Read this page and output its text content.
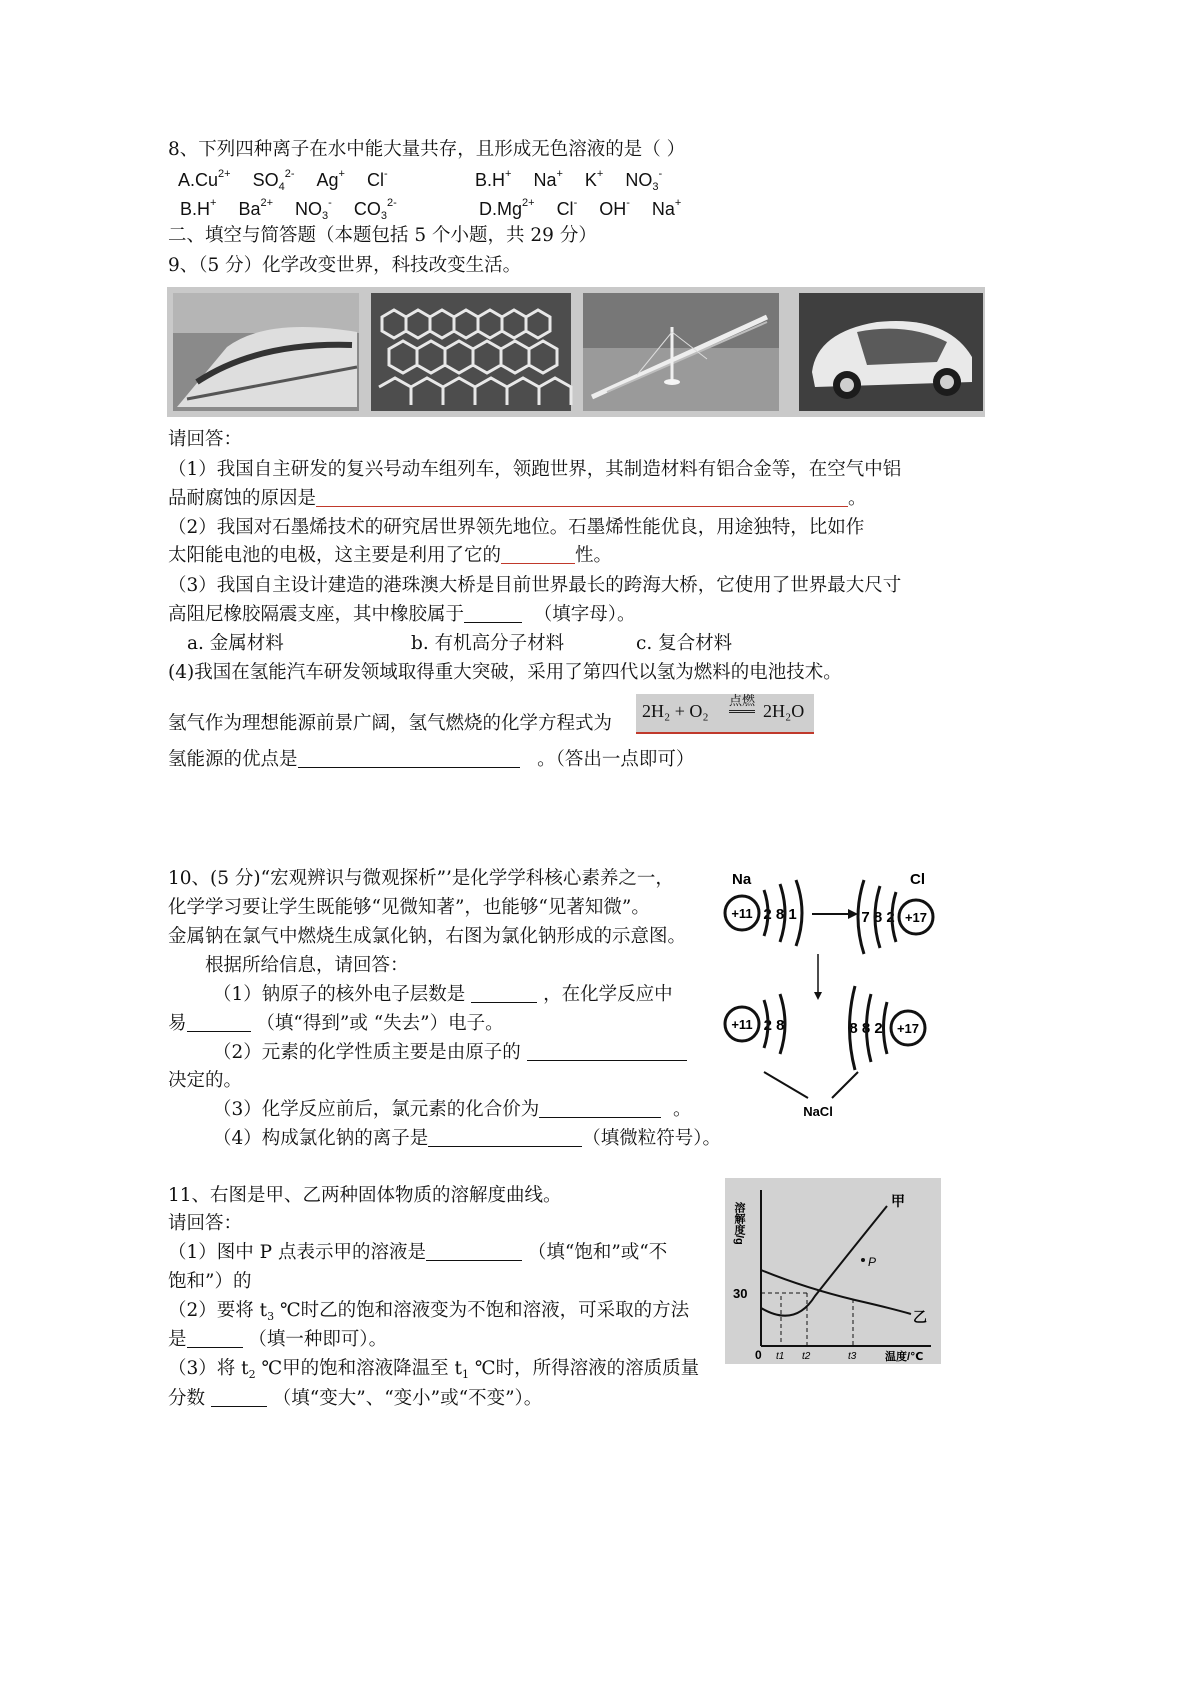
8、下列四种离子在水中能大量共存，且形成无色溶液的是（ ）
$A.Cu^{2+}$ $SO_4^{2-}$ Ag+ Cl-	B.H+ Na+ K+ $NO_3^-$
B.H+ $Ba^{2+}$ $NO_3^-$ $CO_3^{2-}$	$D.Mg^{2+}$ Cl- OH- Na+
二、填空与简答题（本题包括 5 个小题，共 29 分）
9、（5 分）化学改变世界，科技改变生活。
请回答：
（1）我国自主研发的复兴号动车组列车，领跑世界，其制造材料有铝合金等，在空气中铝
品耐腐蚀的原因是	。
（2）我国对石墨烯技术的研究居世界领先地位。石墨烯性能优良，用途独特，比如作
太阳能电池的电极，这主要是利用了它的	性。
（3）我国自主设计建造的港珠澳大桥是目前世界最长的跨海大桥，它使用了世界最大尺寸
高阻尼橡胶隔震支座，其中橡胶属于	（填字母）。
a. 金属材料	b. 有机高分子材料	c. 复合材料
(4)我国在氢能汽车研发领域取得重大突破，采用了第四代以氢为燃料的电池技术。
氢气作为理想能源前景广阔，氢气燃烧的化学方程式为
2H₂ + O₂ 点燃 2H₂O
氢能源的优点是	。（答出一点即可）
10、(5 分)“宏观辨识与微观探析”’是化学学科核心素养之一，
化学学习要让学生既能够“见微知著”，也能够“见著知微”。
金属钠在氯气中燃烧生成氯化钠，右图为氯化钠形成的示意图。
根据所给信息，请回答：
（1）钠原子的核外电子层数是	，在化学反应中
易	（填“得到”或 “失去”）电子。
（2）元素的化学性质主要是由原子的
决定的。
（3）化学反应前后，氯元素的化合价为	。
（4）构成氯化钠的离子是	（填微粒符号）。
Na	Cl
+11 2 8 1	+17
7 8 2
+11 2 8	+17
8 8 2
NaCl
11、右图是甲、乙两种固体物质的溶解度曲线。
请回答：
（1）图中 P 点表示甲的溶液是	（填“饱和”或“不
饱和”）的
（2）要将 $t_3$ ℃时乙的饱和溶液变为不饱和溶液，可采取的方法
是	（填一种即可）。
（3）将 $t_2$ ℃甲的饱和溶液降温至 $t_1$ ℃时，所得溶液的溶质质量
分数	（填“变大”、“变小”或“不变”）。
溶解度/g
温度/℃
甲
乙
P
30
0 t1 t2	t3
